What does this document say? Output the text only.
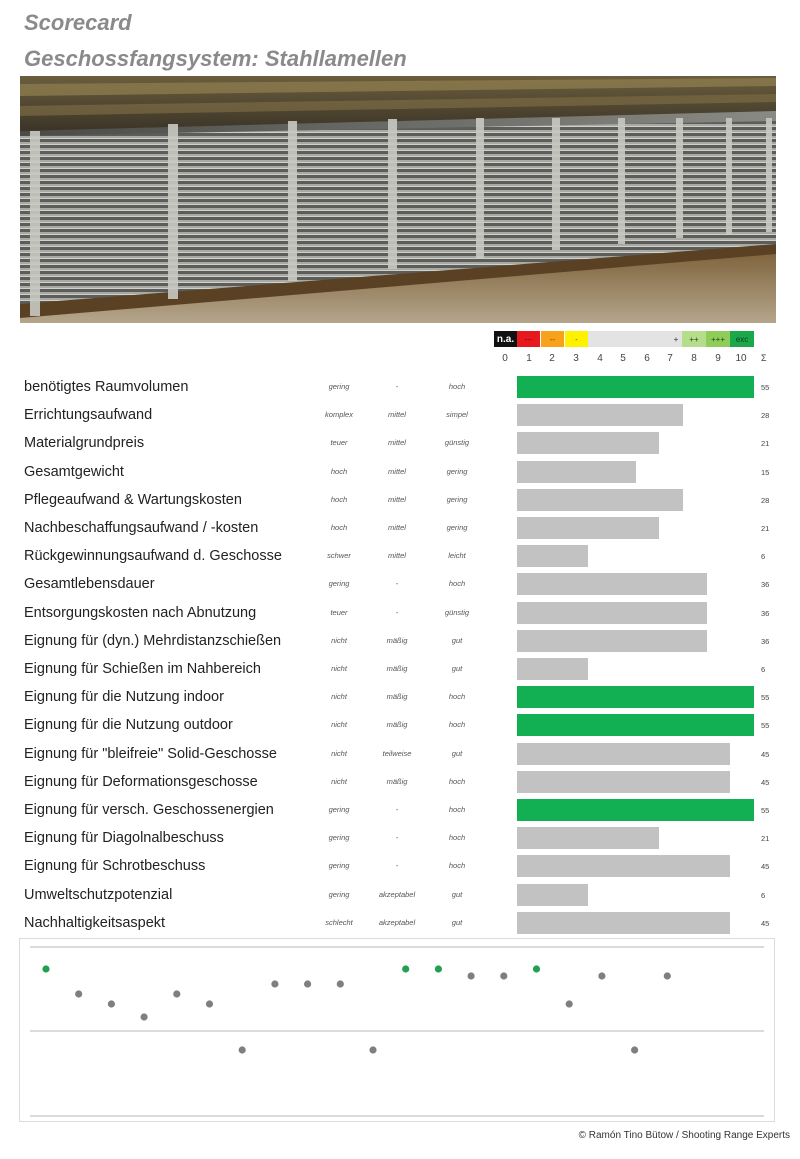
Scorecard
Geschossfangsystem: Stahllamellen
n.a.	---	--	-	+	++	+++	exc
0	1	2	3	4	5	6	7	8	9	10	Σ
benötigtes Raumvolumen	gering	-	hoch	55
Errichtungsaufwand	komplex	mittel	simpel	28
Materialgrundpreis	teuer	mittel	günstig	21
Gesamtgewicht	hoch	mittel	gering	15
Pflegeaufwand & Wartungskosten	hoch	mittel	gering	28
Nachbeschaffungsaufwand / -kosten	hoch	mittel	gering	21
Rückgewinnungsaufwand d. Geschosse	schwer	mittel	leicht	6
Gesamtlebensdauer	gering	-	hoch	36
Entsorgungskosten nach Abnutzung	teuer	-	günstig	36
Eignung für (dyn.) Mehrdistanzschießen	nicht	mäßig	gut	36
Eignung für Schießen im Nahbereich	nicht	mäßig	gut	6
Eignung für die Nutzung indoor	nicht	mäßig	hoch	55
Eignung für die Nutzung outdoor	nicht	mäßig	hoch	55
Eignung für "bleifreie" Solid-Geschosse	nicht	teilweise	gut	45
Eignung für Deformationsgeschosse	nicht	mäßig	hoch	45
Eignung für versch. Geschossenergien	gering	-	hoch	55
Eignung für Diagolnalbeschuss	gering	-	hoch	21
Eignung für Schrotbeschuss	gering	-	hoch	45
Umweltschutzpotenzial	gering	akzeptabel	gut	6
Nachhaltigkeitsaspekt	schlecht	akzeptabel	gut	45
© Ramón Tino Bütow / Shooting Range Experts
